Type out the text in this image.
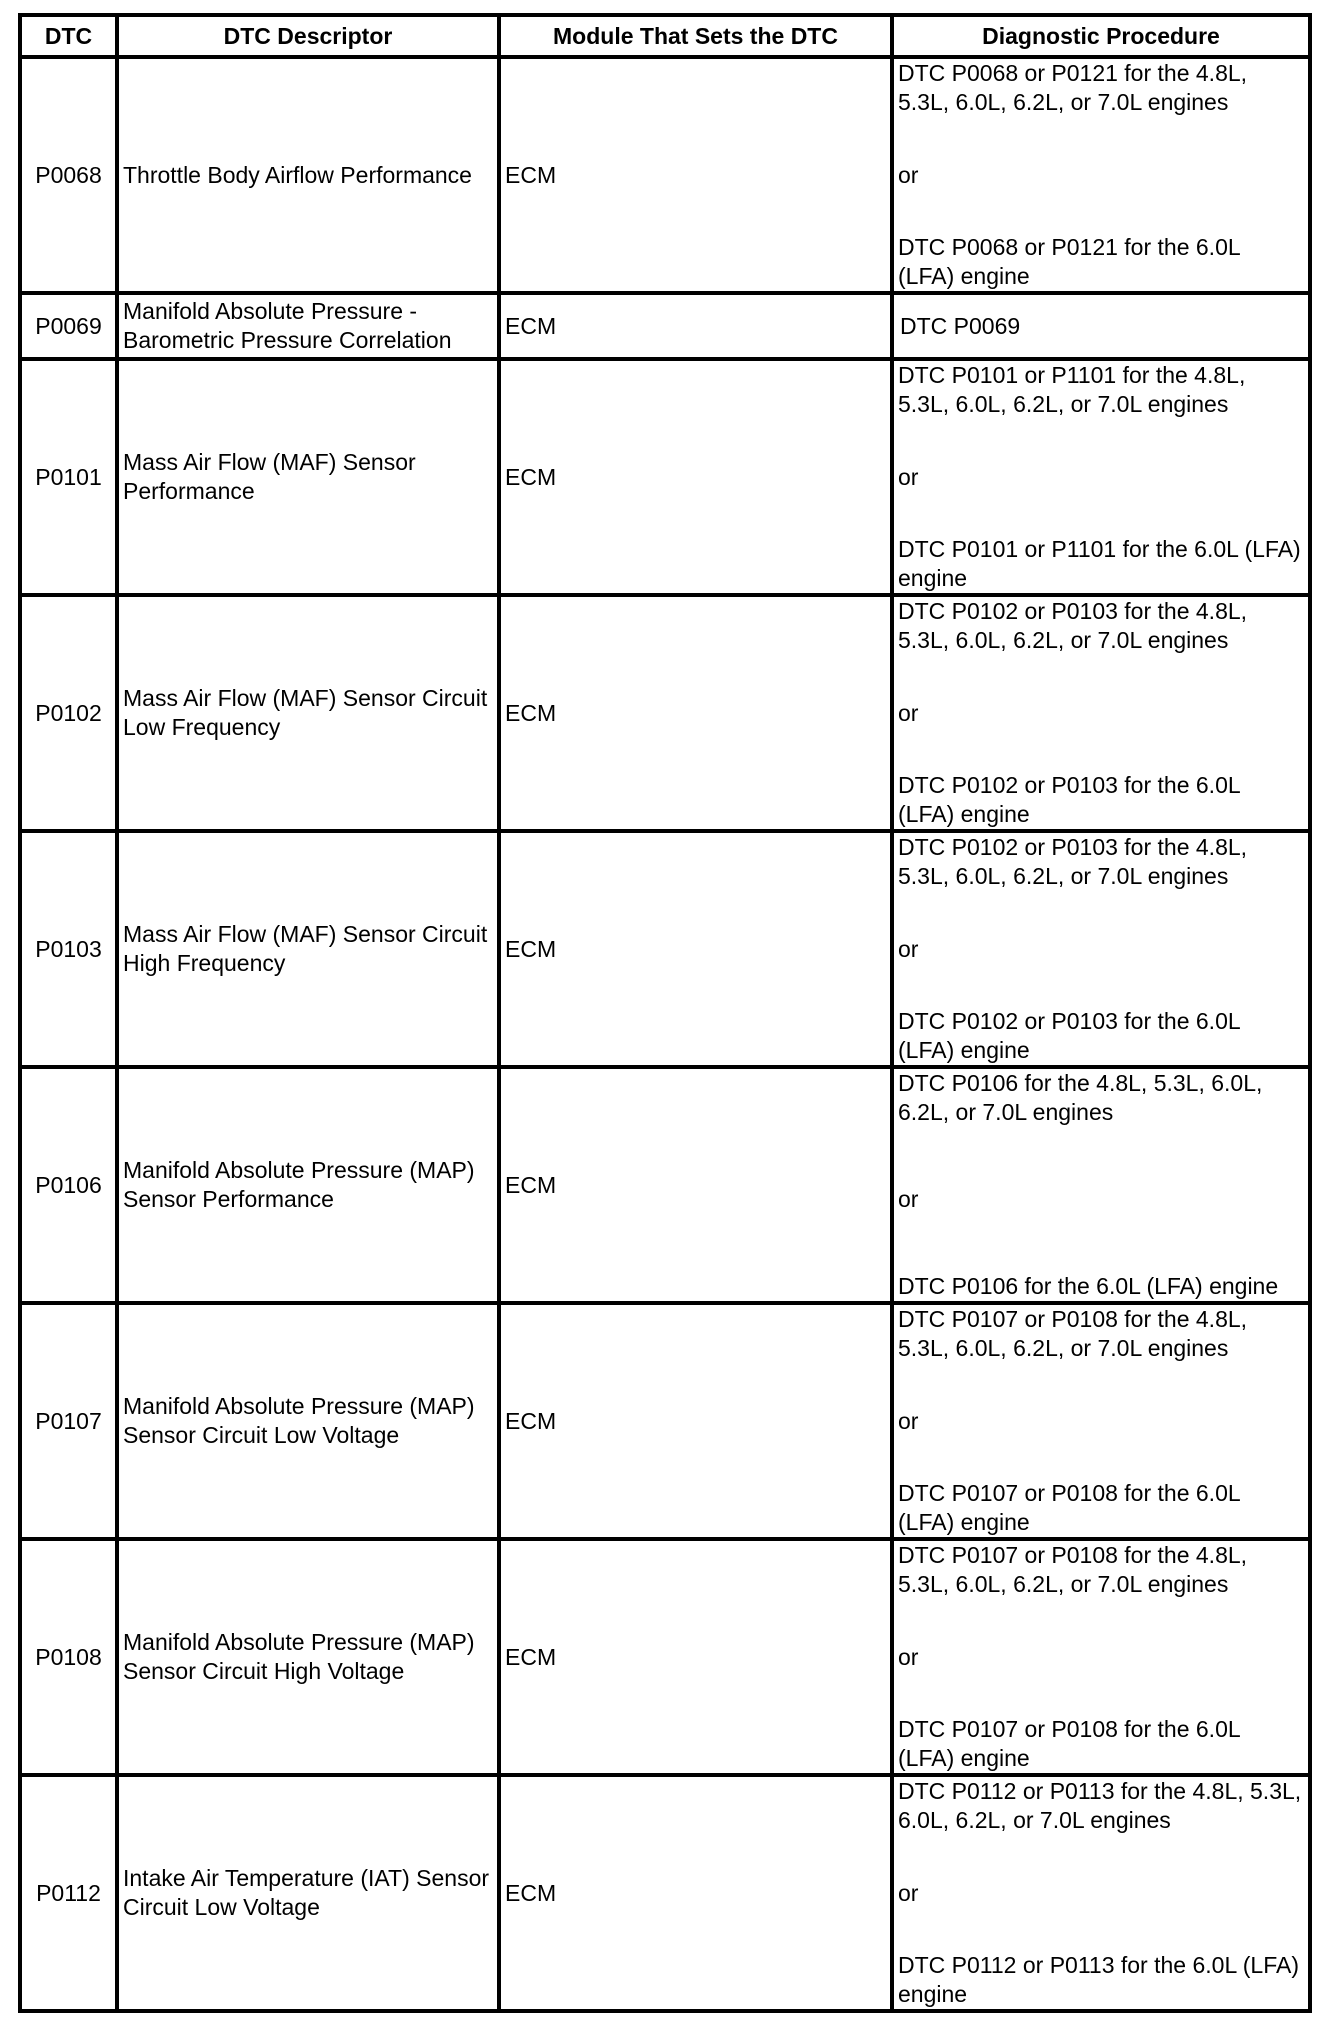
DTC	DTC Descriptor	Module That Sets the DTC	Diagnostic Procedure
P0068	Throttle Body Airflow Performance	ECM	DTC P0068 or P0121 for the 4.8L, 5.3L, 6.0L, 6.2L, or 7.0L engines
or
DTC P0068 or P0121 for the 6.0L (LFA) engine

P0069	Manifold Absolute Pressure - Barometric Pressure Correlation	ECM	DTC P0069

P0101	Mass Air Flow (MAF) Sensor Performance	ECM	DTC P0101 or P1101 for the 4.8L, 5.3L, 6.0L, 6.2L, or 7.0L engines
or
DTC P0101 or P1101 for the 6.0L (LFA) engine

P0102	Mass Air Flow (MAF) Sensor Circuit Low Frequency	ECM	DTC P0102 or P0103 for the 4.8L, 5.3L, 6.0L, 6.2L, or 7.0L engines
or
DTC P0102 or P0103 for the 6.0L (LFA) engine

P0103	Mass Air Flow (MAF) Sensor Circuit High Frequency	ECM	DTC P0102 or P0103 for the 4.8L, 5.3L, 6.0L, 6.2L, or 7.0L engines
or
DTC P0102 or P0103 for the 6.0L (LFA) engine

P0106	Manifold Absolute Pressure (MAP) Sensor Performance	ECM	DTC P0106 for the 4.8L, 5.3L, 6.0L, 6.2L, or 7.0L engines
or
DTC P0106 for the 6.0L (LFA) engine

P0107	Manifold Absolute Pressure (MAP) Sensor Circuit Low Voltage	ECM	DTC P0107 or P0108 for the 4.8L, 5.3L, 6.0L, 6.2L, or 7.0L engines
or
DTC P0107 or P0108 for the 6.0L (LFA) engine

P0108	Manifold Absolute Pressure (MAP) Sensor Circuit High Voltage	ECM	DTC P0107 or P0108 for the 4.8L, 5.3L, 6.0L, 6.2L, or 7.0L engines
or
DTC P0107 or P0108 for the 6.0L (LFA) engine

P0112	Intake Air Temperature (IAT) Sensor Circuit Low Voltage	ECM	DTC P0112 or P0113 for the 4.8L, 5.3L, 6.0L, 6.2L, or 7.0L engines
or
DTC P0112 or P0113 for the 6.0L (LFA) engine
